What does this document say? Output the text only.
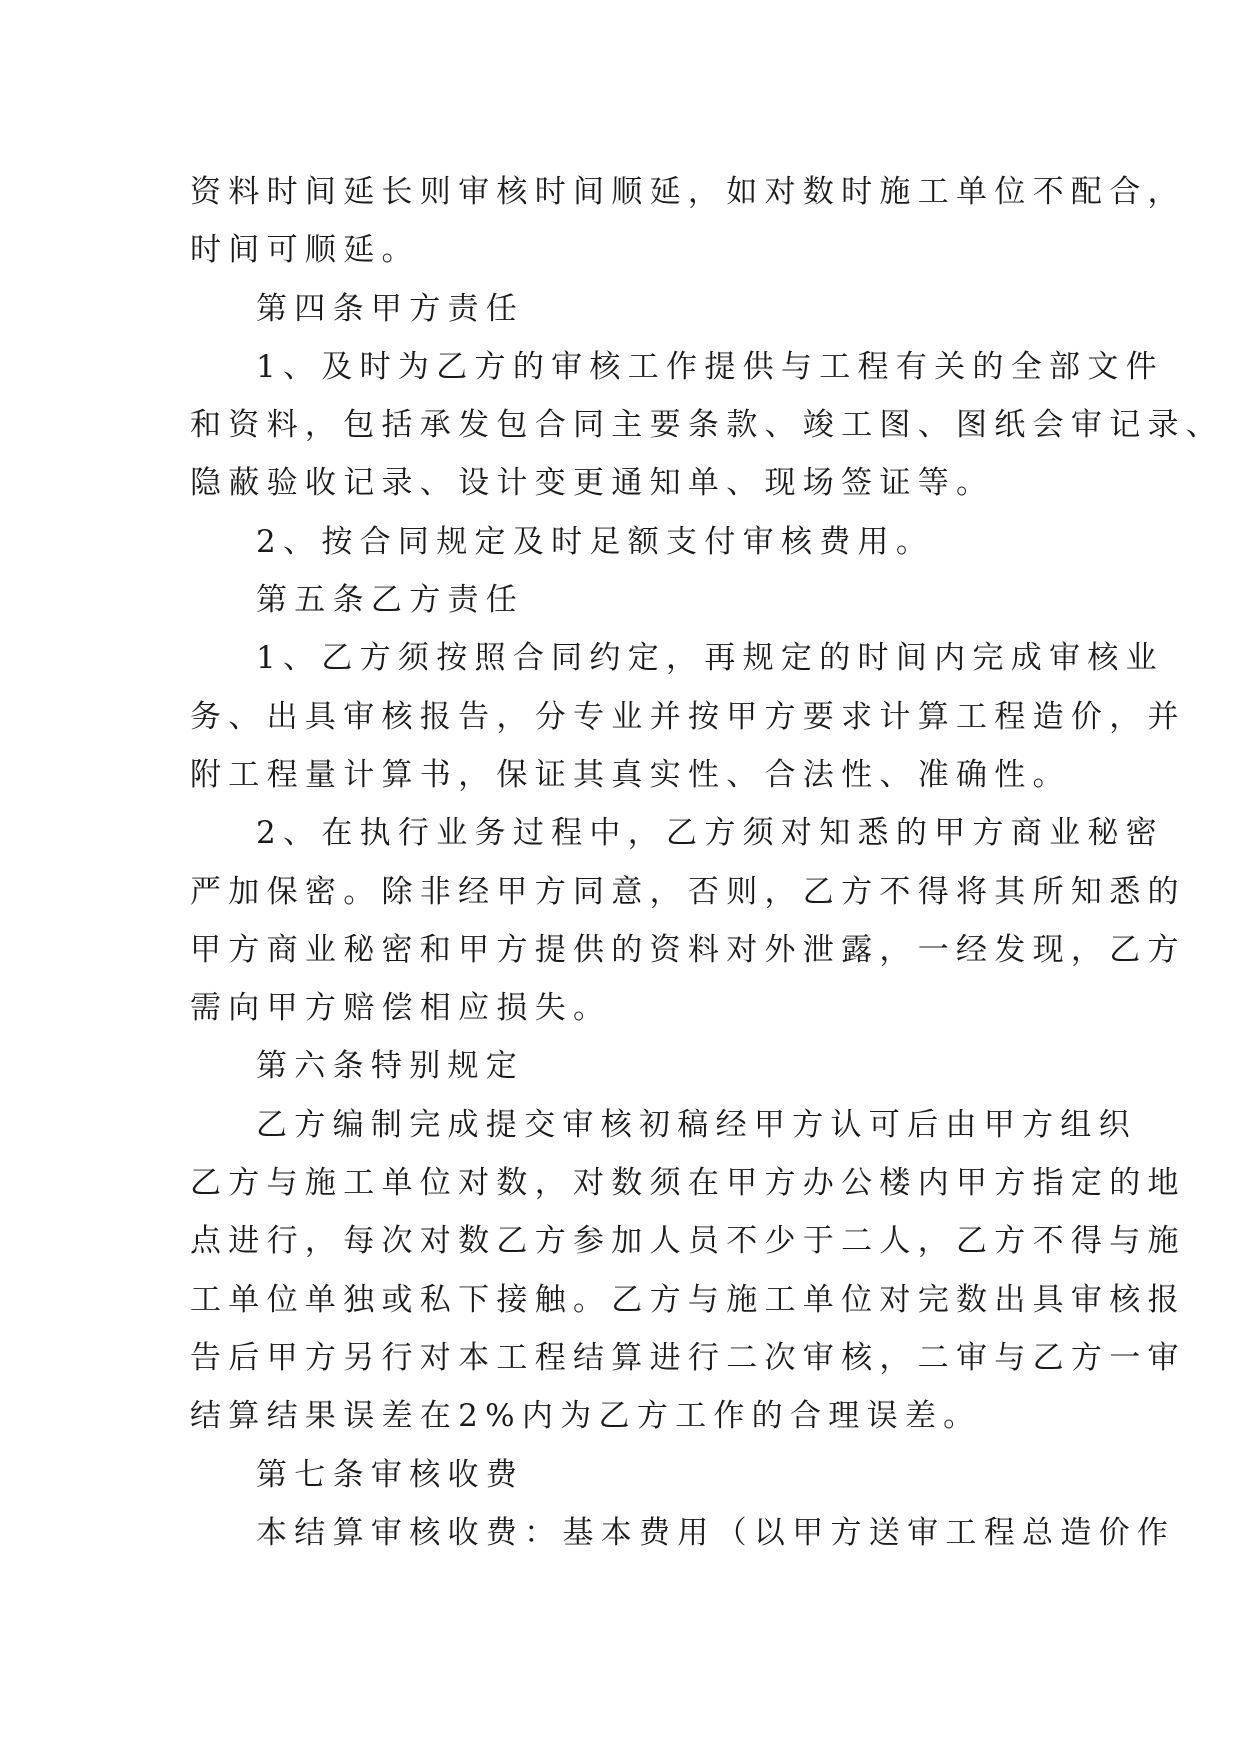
资料时间延长则审核时间顺延，如对数时施工单位不配合，
时间可顺延。
第四条甲方责任
1、及时为乙方的审核工作提供与工程有关的全部文件
和资料，包括承发包合同主要条款、竣工图、图纸会审记录、
隐蔽验收记录、设计变更通知单、现场签证等。
2、按合同规定及时足额支付审核费用。
第五条乙方责任
1、乙方须按照合同约定，再规定的时间内完成审核业
务、出具审核报告，分专业并按甲方要求计算工程造价，并
附工程量计算书，保证其真实性、合法性、准确性。
2、在执行业务过程中，乙方须对知悉的甲方商业秘密
严加保密。除非经甲方同意，否则，乙方不得将其所知悉的
甲方商业秘密和甲方提供的资料对外泄露，一经发现，乙方
需向甲方赔偿相应损失。
第六条特别规定
乙方编制完成提交审核初稿经甲方认可后由甲方组织
乙方与施工单位对数，对数须在甲方办公楼内甲方指定的地
点进行，每次对数乙方参加人员不少于二人，乙方不得与施
工单位单独或私下接触。乙方与施工单位对完数出具审核报
告后甲方另行对本工程结算进行二次审核，二审与乙方一审
结算结果误差在2%内为乙方工作的合理误差。
第七条审核收费
本结算审核收费：基本费用（以甲方送审工程总造价作
